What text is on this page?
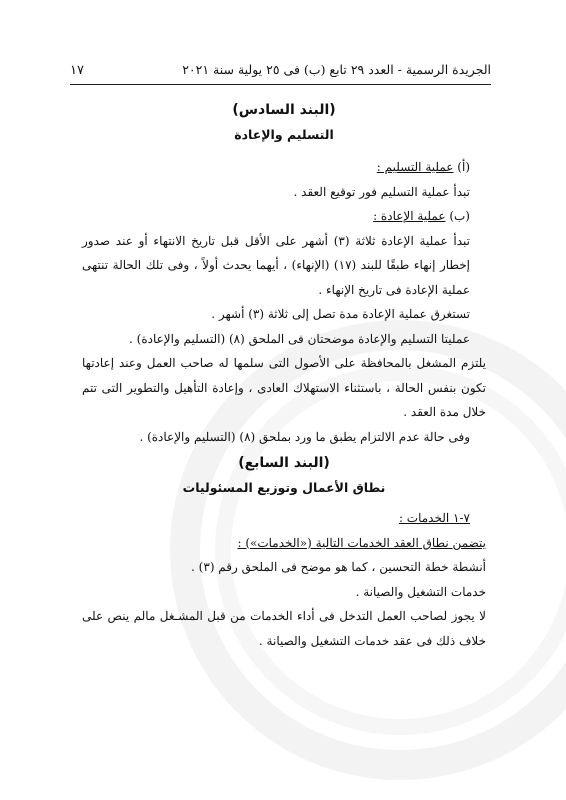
الجريدة الرسمية - العدد ٢٩ تابع (ب) فى ٢٥ يولية سنة ٢٠٢١
١٧

(البند السادس)

التسليم والإعادة

(أ) عملية التسليم :

تبدأ عملية التسليم فور توقيع العقد .

(ب) عملية الإعادة :

تبدأ عملية الإعادة ثلاثة (٣) أشهر على الأقل قبل تاريخ الانتهاء أو عند صدور إخطار إنهاء طبقًا للبند (١٧) (الإنهاء) ، أيهما يحدث أولاً ، وفى تلك الحالة تنتهى عملية الإعادة فى تاريخ الإنهاء .

تستغرق عملية الإعادة مدة تصل إلى ثلاثة (٣) أشهر .

عمليتا التسليم والإعادة موضحتان فى الملحق (٨) (التسليم والإعادة) .

يلتزم المشغل بالمحافظة على الأصول التى سلمها له صاحب العمل وعند إعادتها تكون بنفس الحالة ، باستثناء الاستهلاك العادى ، وإعادة التأهيل والتطوير التى تتم خلال مدة العقد .

وفى حالة عدم الالتزام يطبق ما ورد بملحق (٨) (التسليم والإعادة) .

(البند السابع)

نطاق الأعمال وتوزيع المسئوليات

٧-١ الخدمات :

يتضمن نطاق العقد الخدمات التالية («الخدمات») :

أنشطة خطة التحسين ، كما هو موضح فى الملحق رقم (٣) .

خدمات التشغيل والصيانة .

لا يجوز لصاحب العمل التدخل فى أداء الخدمات من قبل المشـغل مالم ينص على خلاف ذلك فى عقد خدمات التشغيل والصيانة .
